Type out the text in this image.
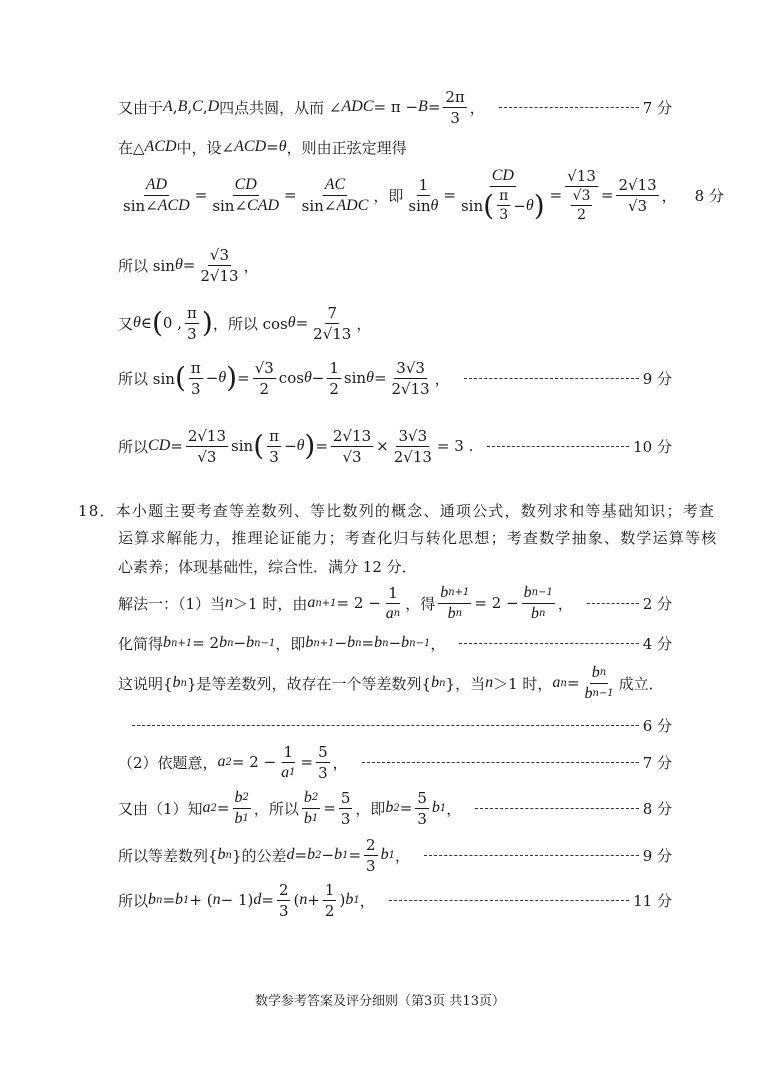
又由于 A , B , C , D 四点共圆，从而 ∠ ADC = $\pi - B = \frac{2\pi}{3}$ ，	7 分
在△ ACD 中，设∠ ACD = θ ，则由正弦定理得
$\frac{AD}{\text{sin∠ ACD}} = \frac{CD}{\text{sin∠ CAD}} = \frac{AC}{\text{sin∠ ADC}}$ ，即 $\frac{1}{\text{sin θ}} = \frac{CD}{\sin ( \frac{\pi}{3} - \theta )} = \frac{√13}{\frac{√3}{2}} = \frac{2√13}{√3}$ ， 8 分
所以 $\sin \theta = \frac{√3}{2√13}$ ，
又 θ ∈ ( 0 , $\frac{\pi}{3}$ ) ，所以 $\cos \theta = \frac{7}{2√13}$ ，
所以 sin ( $\frac{\pi}{3} - \theta$ ) = $\frac{√3}{2}$ $\cos \theta - \frac{1}{2}$ $\sin \theta = \frac{3√3}{2√13}$ ，	9 分
所以 CD = $\frac{2√13}{√3}$ sin ( $\frac{\pi}{3} - \theta$ ) = $\frac{2√13}{√3} \times \frac{3√3}{2√13} = 3$ .	10 分
18．本小题主要考查等差数列、等比数列的概念、通项公式，数列求和等基础知识；考查
运算求解能力，推理论证能力；考查化归与转化思想；考查数学抽象、数学运算等核
心素养；体现基础性，综合性．满分 12 分．
解法一：（1）当 n ＞1 时，由 a $n+1 = 2 - \frac{1}{\text{a n}}$ ，得 $\frac{\text{b n+1}}{\text{b n}} = 2 - \frac{\text{b n−1}}{\text{b n}}$ ，	2 分
化简得 b n+1 = 2 b n − b n−1 ，即 b n+1 − b n = b n − b n−1 ，	4 分
这说明{ b n }是等差数列，故存在一个等差数列{ b n }，当 n ＞1 时， a $n = \frac{\text{b n}}{\text{b n−1}}$ 成立．
6 分
（2）依题意， a $2 = 2 - \frac{1}{a 1} = \frac{5}{3}$ ，	7 分
又由（1）知 a $2 = \frac{b 2}{b 1}$ ，所以 $\frac{b 2}{b 1} = \frac{5}{3}$ ，即 b $2 = \frac{5}{3}$ b 1 ，	8 分
所以等差数列{ b n }的公差 d = b 2 − b $1 = \frac{2}{3}$ b 1 ，	9 分
所以 b n = b 1 + ( n − 1) $d = \frac{2}{3}$ ( $n + \frac{1}{2}$ ) b 1 ，	11 分
数学参考答案及评分细则（第3页 共13页）
